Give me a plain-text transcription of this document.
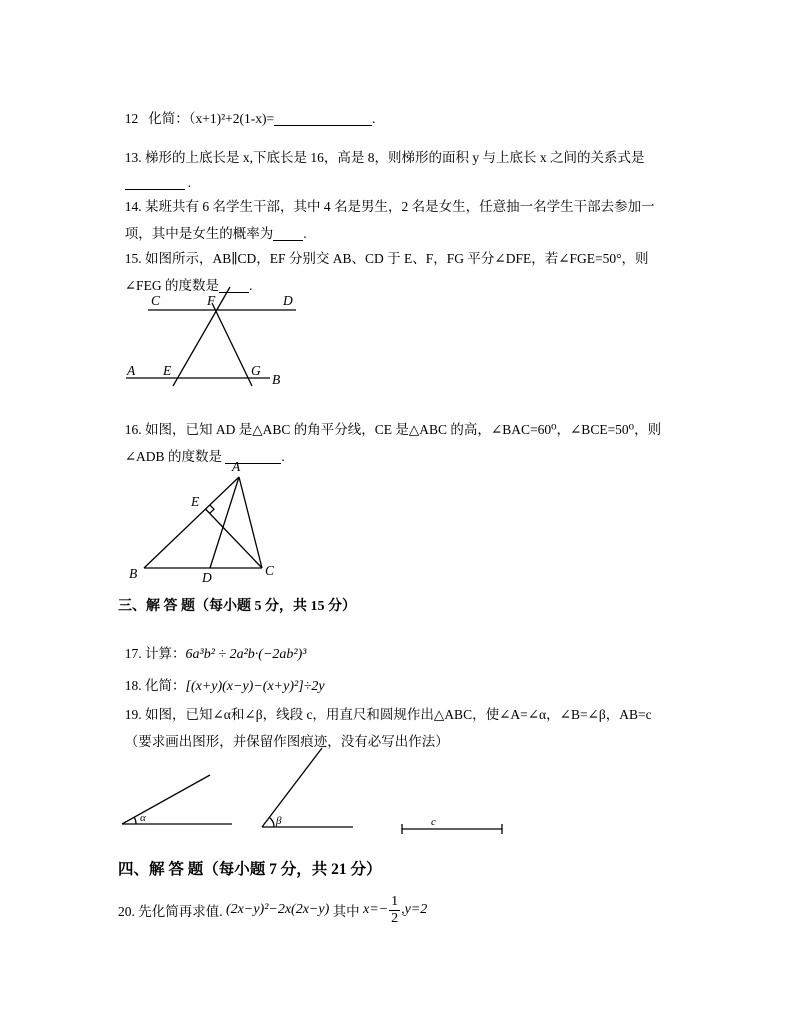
12 化简：（x+1)²+2(1-x)=	.

13. 梯形的上底长是 x,下底长是 16，高是 8，则梯形的面积 y 与上底长 x 之间的关系式是

.

14. 某班共有 6 名学生干部，其中 4 名是男生，2 名是女生，任意抽一名学生干部去参加一

项，其中是女生的概率为 .

15. 如图所示，AB∥CD，EF 分别交 AB、CD 于 E、F，FG 平分∠DFE，若∠FGE=50°，则

∠FEG 的度数是 .

C	F	D
A E	G
B

16. 如图，已知 AD 是△ABC 的角平分线，CE 是△ABC 的高，∠BAC=60⁰，∠BCE=50⁰，则

∠ADB 的度数是	.

A
E
B	D	C
三、解 答 题（每小题 5 分，共 15 分）

17. 计算：6a³b² ÷ 2a²b·(−2ab²)³

18. 化简：[(x+y)(x−y)−(x+y)²]÷2y

19. 如图，已知∠α和∠β，线段 c，用直尺和圆规作出△ABC，使∠A=∠α，∠B=∠β，AB=c

（要求画出图形，并保留作图痕迹，没有必写出作法）

α	β	c
四、解 答 题（每小题 7 分，共 21 分）
20. 先化简再求值. (2x−y)²−2x(2x−y) 其中 $x=- \frac{1}{2} ,y=2$
